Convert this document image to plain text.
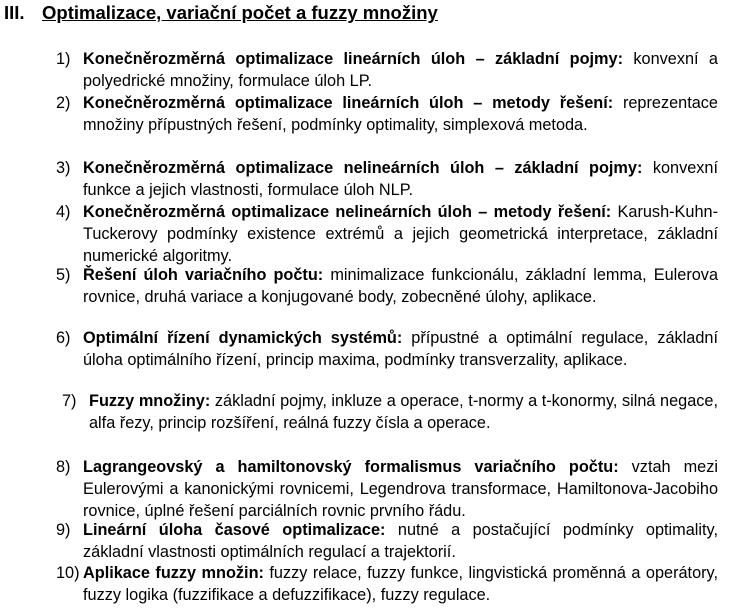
III. Optimalizace, variační počet a fuzzy množiny
1) Konečněrozměrná optimalizace lineárních úloh – základní pojmy: konvexní a polyedrické množiny, formulace úloh LP.
2) Konečněrozměrná optimalizace lineárních úloh – metody řešení: reprezentace množiny přípustných řešení, podmínky optimality, simplexová metoda.
3) Konečněrozměrná optimalizace nelineárních úloh – základní pojmy: konvexní funkce a jejich vlastnosti, formulace úloh NLP.
4) Konečněrozměrná optimalizace nelineárních úloh – metody řešení: Karush-Kuhn-Tuckerovy podmínky existence extrémů a jejich geometrická interpretace, základní numerické algoritmy.
5) Řešení úloh variačního počtu: minimalizace funkcionálu, základní lemma, Eulerova rovnice, druhá variace a konjugované body, zobecněné úlohy, aplikace.
6) Optimální řízení dynamických systémů: přípustné a optimální regulace, základní úloha optimálního řízení, princip maxima, podmínky transverzality, aplikace.
7) Fuzzy množiny: základní pojmy, inkluze a operace, t-normy a t-konormy, silná negace, alfa řezy, princip rozšíření, reálná fuzzy čísla a operace.
8) Lagrangeovský a hamiltonovský formalismus variačního počtu: vztah mezi Eulerovými a kanonickými rovnicemi, Legendrova transformace, Hamiltonova-Jacobiho rovnice, úplné řešení parciálních rovnic prvního řádu.
9) Lineární úloha časové optimalizace: nutné a postačující podmínky optimality, základní vlastnosti optimálních regulací a trajektorií.
10) Aplikace fuzzy množin: fuzzy relace, fuzzy funkce, lingvistická proměnná a operátory, fuzzy logika (fuzzifikace a defuzzifikace), fuzzy regulace.
